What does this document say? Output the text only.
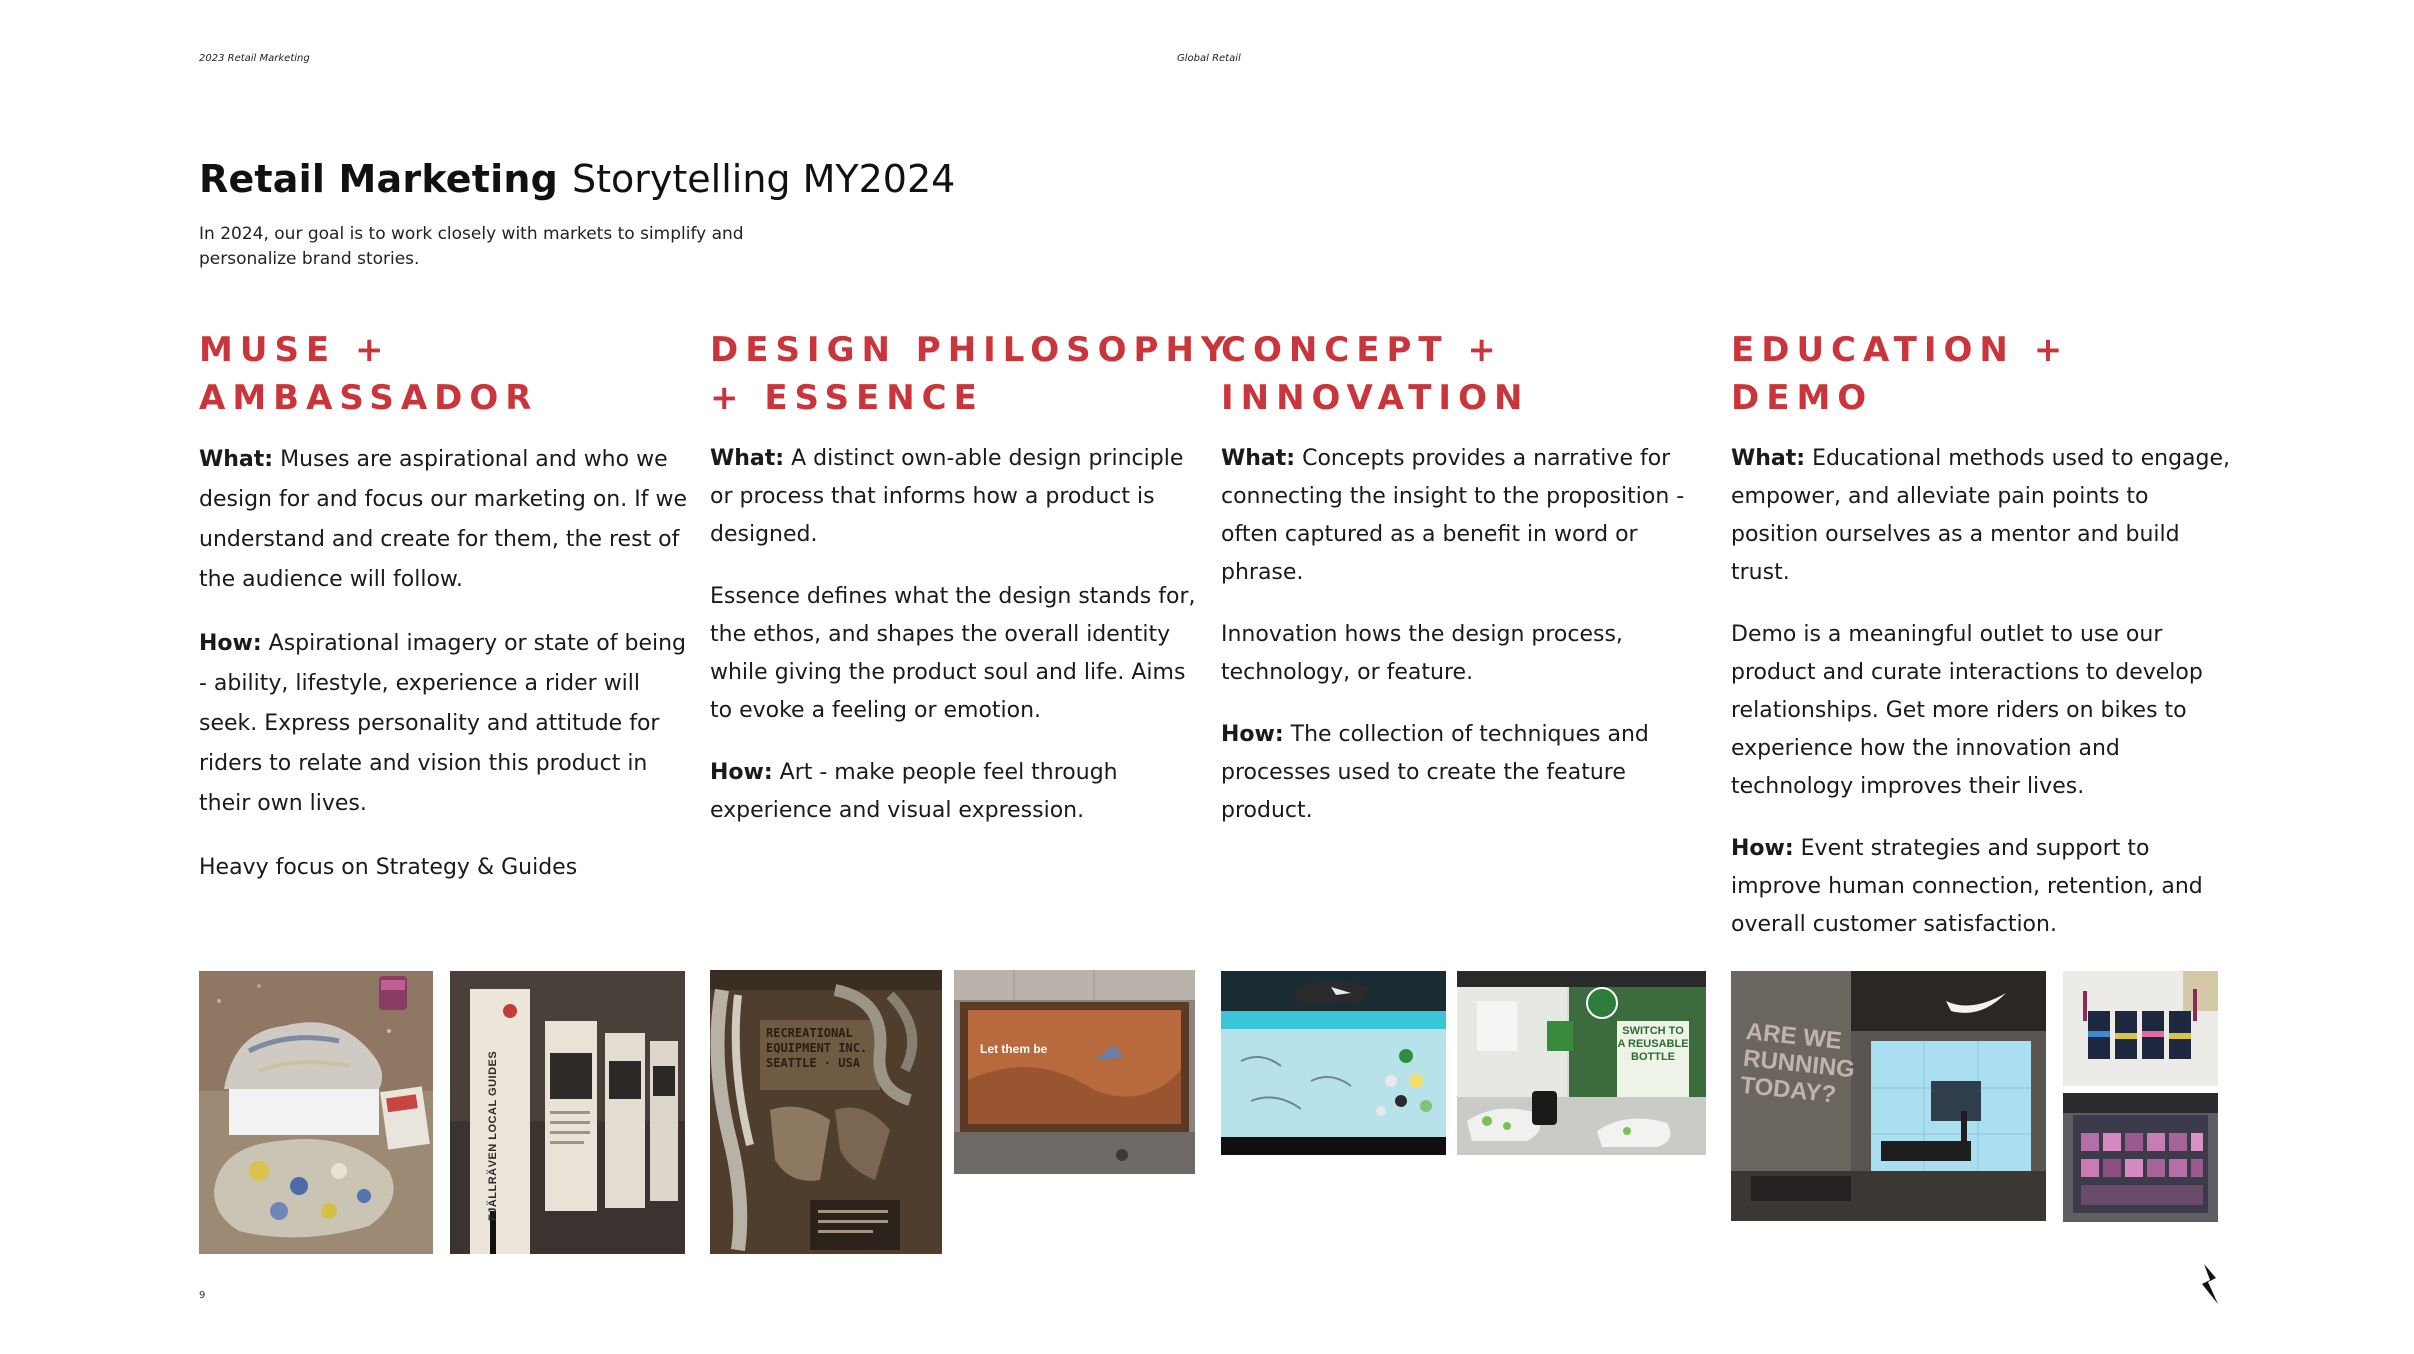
2023 Retail Marketing	Global Retail
Retail Marketing Storytelling MY2024
In 2024, our goal is to work closely with markets to simplify and personalize brand stories.
MUSE +
AMBASSADOR

What: Muses are aspirational and who we design for and focus our marketing on. If we understand and create for them, the rest of the audience will follow.

How: Aspirational imagery or state of being - ability, lifestyle, experience a rider will seek. Express personality and attitude for riders to relate and vision this product in their own lives.

Heavy focus on Strategy & Guides

DESIGN PHILOSOPHY
+ ESSENCE

What: A distinct own-able design principle or process that informs how a product is designed.

Essence defines what the design stands for, the ethos, and shapes the overall identity while giving the product soul and life. Aims to evoke a feeling or emotion.

How: Art - make people feel through experience and visual expression.

CONCEPT +
INNOVATION

What: Concepts provides a narrative for connecting the insight to the proposition - often captured as a benefit in word or phrase.

Innovation hows the design process, technology, or feature.

How: The collection of techniques and processes used to create the feature product.

EDUCATION +
DEMO

What: Educational methods used to engage, empower, and alleviate pain points to position ourselves as a mentor and build trust.

Demo is a meaningful outlet to use our product and curate interactions to develop relationships. Get more riders on bikes to experience how the innovation and technology improves their lives.

How: Event strategies and support to improve human connection, retention, and overall customer satisfaction.

FJÄLLRÄVEN LOCAL GUIDES
RECREATIONAL EQUIPMENT INC. SEATTLE · USA
Let them be
SWITCH TO A REUSABLE BOTTLE
ARE WE RUNNING TODAY?
9
